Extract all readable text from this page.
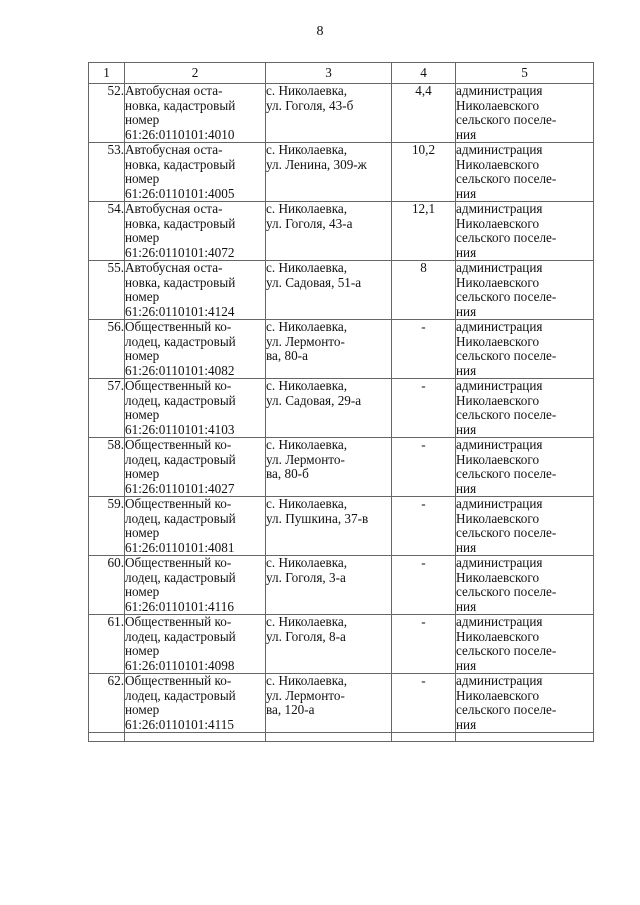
8
1	2	3	4	5
52.	Автобусная оста-
новка, кадастровый
номер
61:26:0110101:4010	с. Николаевка,
ул. Гоголя, 43-б	4,4	администрация
Николаевского
сельского поселе-
ния

53.	Автобусная оста-
новка, кадастровый
номер
61:26:0110101:4005	с. Николаевка,
ул. Ленина, 309-ж	10,2	администрация
Николаевского
сельского поселе-
ния

54.	Автобусная оста-
новка, кадастровый
номер
61:26:0110101:4072	с. Николаевка,
ул. Гоголя, 43-а	12,1	администрация
Николаевского
сельского поселе-
ния

55.	Автобусная оста-
новка, кадастровый
номер
61:26:0110101:4124	с. Николаевка,
ул. Садовая, 51-а	8	администрация
Николаевского
сельского поселе-
ния

56.	Общественный ко-
лодец, кадастровый
номер
61:26:0110101:4082	с. Николаевка,
ул. Лермонто-
ва, 80-а	-	администрация
Николаевского
сельского поселе-
ния

57.	Общественный ко-
лодец, кадастровый
номер
61:26:0110101:4103	с. Николаевка,
ул. Садовая, 29-а	-	администрация
Николаевского
сельского поселе-
ния

58.	Общественный ко-
лодец, кадастровый
номер
61:26:0110101:4027	с. Николаевка,
ул. Лермонто-
ва, 80-б	-	администрация
Николаевского
сельского поселе-
ния

59.	Общественный ко-
лодец, кадастровый
номер
61:26:0110101:4081	с. Николаевка,
ул. Пушкина, 37-в	-	администрация
Николаевского
сельского поселе-
ния

60.	Общественный ко-
лодец, кадастровый
номер
61:26:0110101:4116	с. Николаевка,
ул. Гоголя, 3-а	-	администрация
Николаевского
сельского поселе-
ния

61.	Общественный ко-
лодец, кадастровый
номер
61:26:0110101:4098	с. Николаевка,
ул. Гоголя, 8-а	-	администрация
Николаевского
сельского поселе-
ния

62.	Общественный ко-
лодец, кадастровый
номер
61:26:0110101:4115	с. Николаевка,
ул. Лермонто-
ва, 120-а	-	администрация
Николаевского
сельского поселе-
ния
